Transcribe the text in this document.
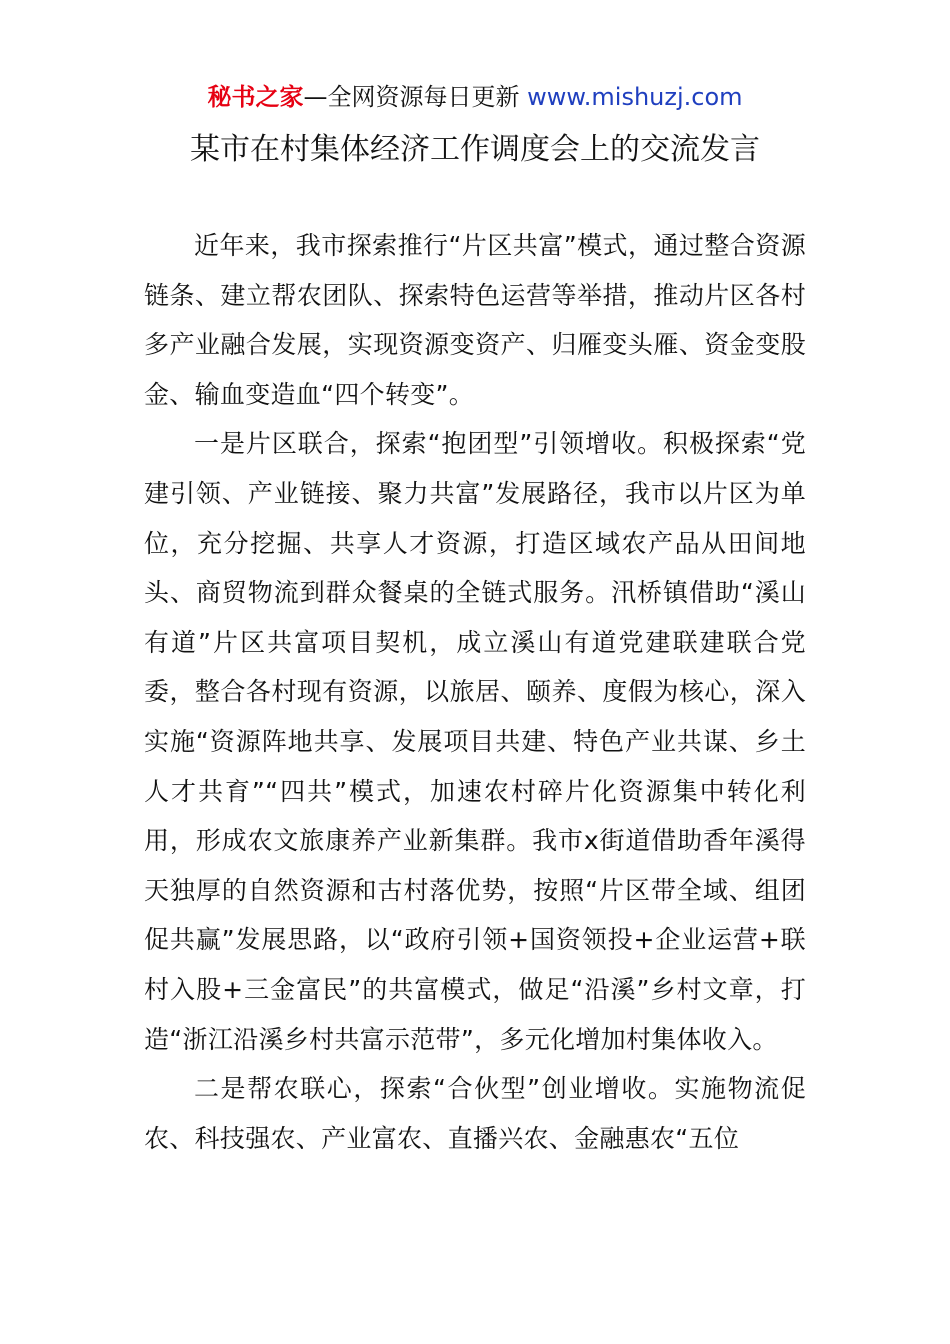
秘书之家—全网资源每日更新 www.mishuzj.com
某市在村集体经济工作调度会上的交流发言

近年来，我市探索推行“片区共富”模式，通过整合资源链条、建立帮农团队、探索特色运营等举措，推动片区各村多产业融合发展，实现资源变资产、归雁变头雁、资金变股金、输血变造血“四个转变”。

一是片区联合，探索“抱团型”引领增收。积极探索“党建引领、产业链接、聚力共富”发展路径，我市以片区为单位，充分挖掘、共享人才资源，打造区域农产品从田间地头、商贸物流到群众餐桌的全链式服务。汛桥镇借助“溪山有道”片区共富项目契机，成立溪山有道党建联建联合党委，整合各村现有资源，以旅居、颐养、度假为核心，深入实施“资源阵地共享、发展项目共建、特色产业共谋、乡土人才共育”“四共”模式，加速农村碎片化资源集中转化利用，形成农文旅康养产业新集群。我市x街道借助香年溪得天独厚的自然资源和古村落优势，按照“片区带全域、组团促共赢”发展思路，以“政府引领+国资领投+企业运营+联村入股+三金富民”的共富模式，做足“沿溪”乡村文章，打造“浙江沿溪乡村共富示范带”，多元化增加村集体收入。

二是帮农联心，探索“合伙型”创业增收。实施物流促农、科技强农、产业富农、直播兴农、金融惠农“五位
